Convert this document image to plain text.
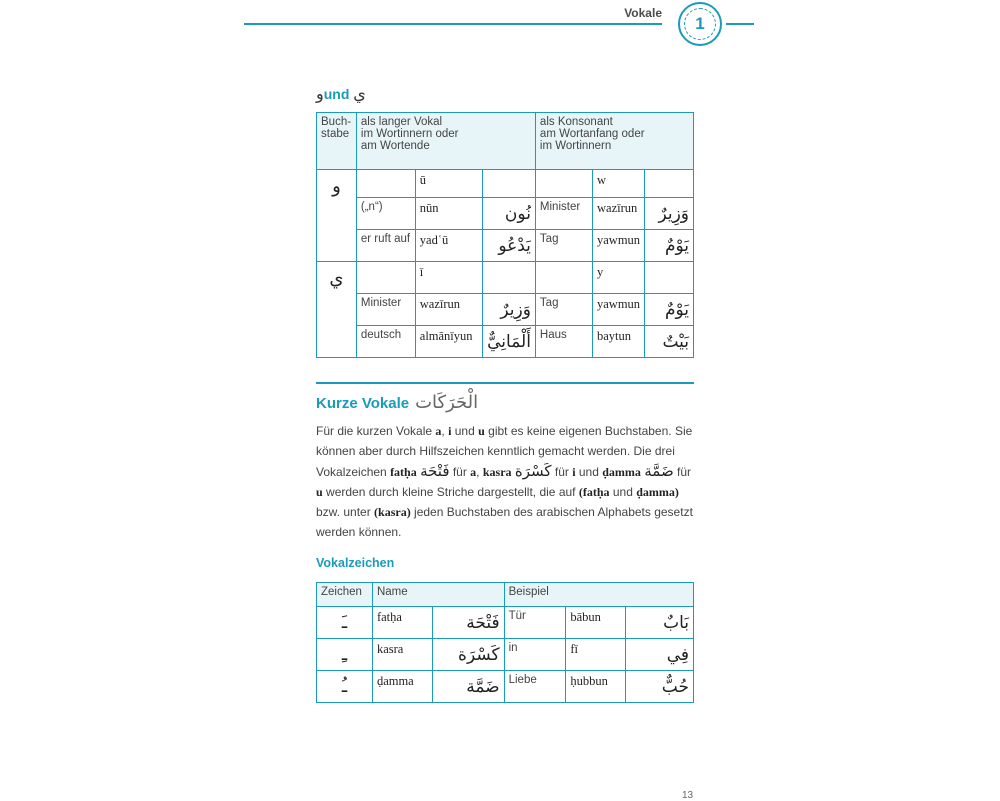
Vokale
1
وund ي
Buch-
stabe	als langer Vokal
im Wortinnern oder
am Wortende			als Konsonant
am Wortanfang oder
im Wortinnern		
و		ū			w	
	(„n“)	nūn	نُون	Minister	wazīrun	وَزِيرٌ
	er ruft auf	yadʿū	يَدْعُو	Tag	yawmun	يَوْمٌ
ي		ī			y	
	Minister	wazīrun	وَزِيرٌ	Tag	yawmun	يَوْمٌ
	deutsch	almānīyun	أَلْمَانِيٌّ	Haus	baytun	بَيْتٌ
Kurze Vokale الْحَرَكَات
Für die kurzen Vokale a, i und u gibt es keine eigenen Buchstaben. Sie können aber durch Hilfszeichen kenntlich gemacht werden. Die drei Vokalzeichen fatḥa فَتْحَة für a, kasra كَسْرَة für i und ḍamma ضَمَّة für u werden durch kleine Striche dargestellt, die auf (fatḥa und ḍamma) bzw. unter (kasra) jeden Buchstaben des arabischen Alphabets gesetzt werden können.
Vokalzeichen
Zeichen	Name		Beispiel		
ـَ	fatḥa	فَتْحَة	Tür	bābun	بَابٌ
ـِ	kasra	كَسْرَة	in	fī	فِي
ـُ	ḍamma	ضَمَّة	Liebe	ḥubbun	حُبٌّ
13
